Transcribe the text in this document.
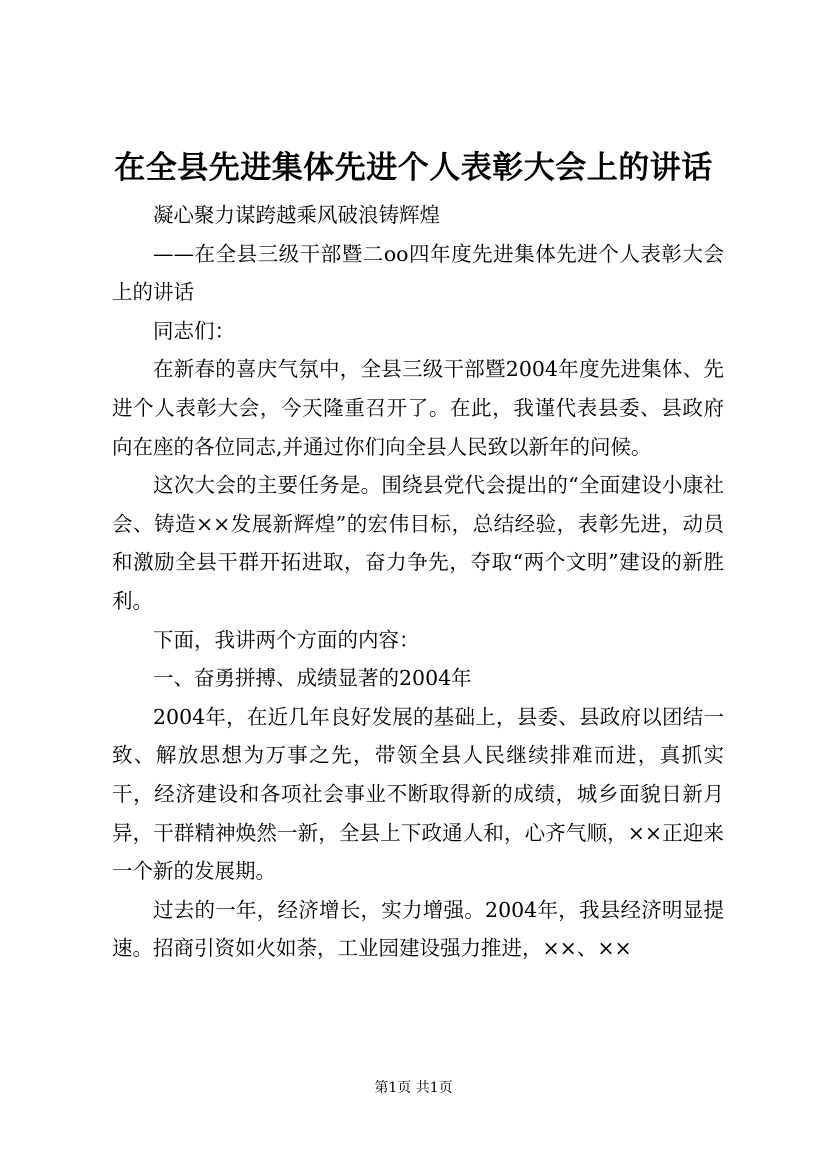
在全县先进集体先进个人表彰大会上的讲话

凝心聚力谋跨越乘风破浪铸辉煌

——在全县三级干部暨二oo四年度先进集体先进个人表彰大会上的讲话

同志们：

在新春的喜庆气氛中，全县三级干部暨2004年度先进集体、先进个人表彰大会，今天隆重召开了。在此，我谨代表县委、县政府向在座的各位同志,并通过你们向全县人民致以新年的问候。

这次大会的主要任务是。围绕县党代会提出的“全面建设小康社会、铸造××发展新辉煌”的宏伟目标，总结经验，表彰先进，动员和激励全县干群开拓进取，奋力争先，夺取“两个文明”建设的新胜利。

下面，我讲两个方面的内容：

一、奋勇拼搏、成绩显著的2004年

2004年，在近几年良好发展的基础上，县委、县政府以团结一致、解放思想为万事之先，带领全县人民继续排难而进，真抓实干，经济建设和各项社会事业不断取得新的成绩，城乡面貌日新月异，干群精神焕然一新，全县上下政通人和，心齐气顺，××正迎来一个新的发展期。

过去的一年，经济增长，实力增强。2004年，我县经济明显提速。招商引资如火如荼，工业园建设强力推进，××、××

第1页 共1页
